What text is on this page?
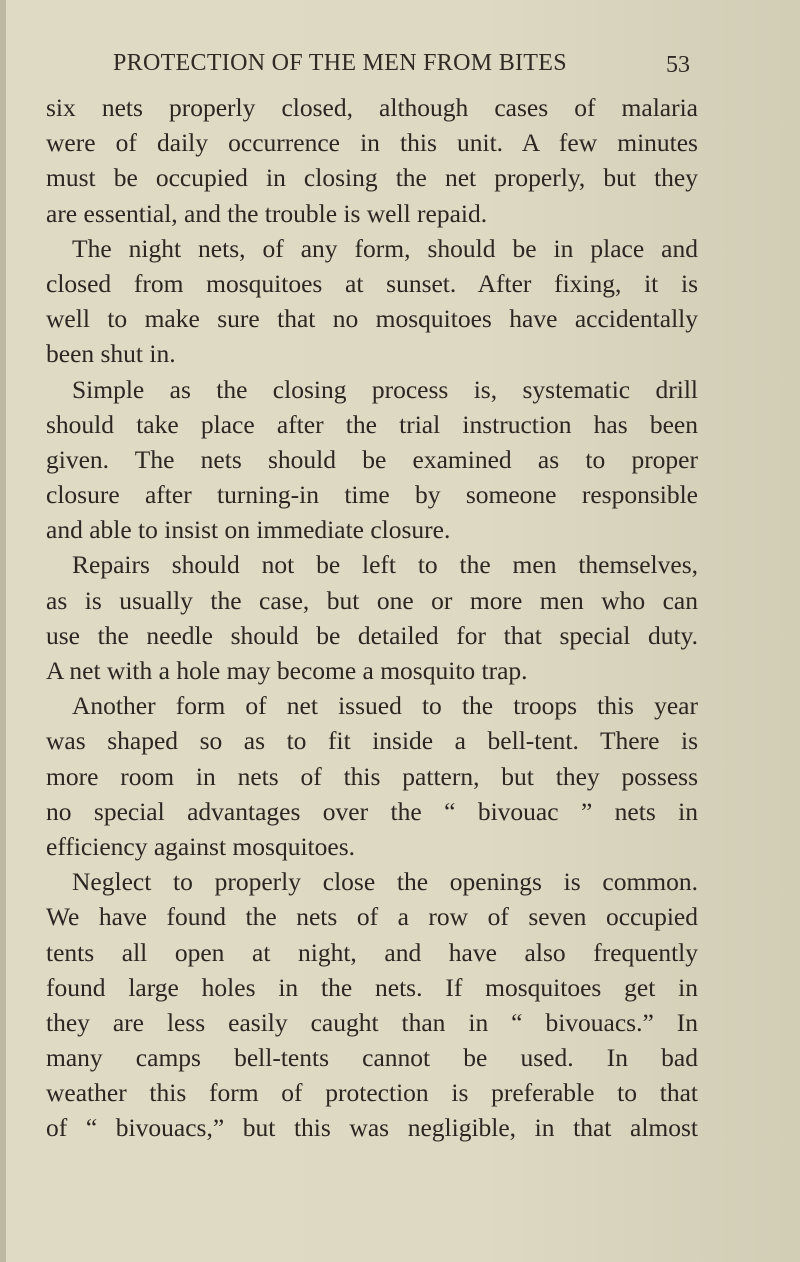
PROTECTION OF THE MEN FROM BITES	53
six nets properly closed, although cases of malaria
were of daily occurrence in this unit. A few minutes
must be occupied in closing the net properly, but they
are essential, and the trouble is well repaid.
The night nets, of any form, should be in place and
closed from mosquitoes at sunset. After fixing, it is
well to make sure that no mosquitoes have accidentally
been shut in.
Simple as the closing process is, systematic drill
should take place after the trial instruction has been
given. The nets should be examined as to proper
closure after turning-in time by someone responsible
and able to insist on immediate closure.
Repairs should not be left to the men themselves,
as is usually the case, but one or more men who can
use the needle should be detailed for that special duty.
A net with a hole may become a mosquito trap.
Another form of net issued to the troops this year
was shaped so as to fit inside a bell-tent. There is
more room in nets of this pattern, but they possess
no special advantages over the “ bivouac ” nets in
efficiency against mosquitoes.
Neglect to properly close the openings is common.
We have found the nets of a row of seven occupied
tents all open at night, and have also frequently
found large holes in the nets. If mosquitoes get in
they are less easily caught than in “ bivouacs.” In
many camps bell-tents cannot be used. In bad
weather this form of protection is preferable to that
of “ bivouacs,” but this was negligible, in that almost
